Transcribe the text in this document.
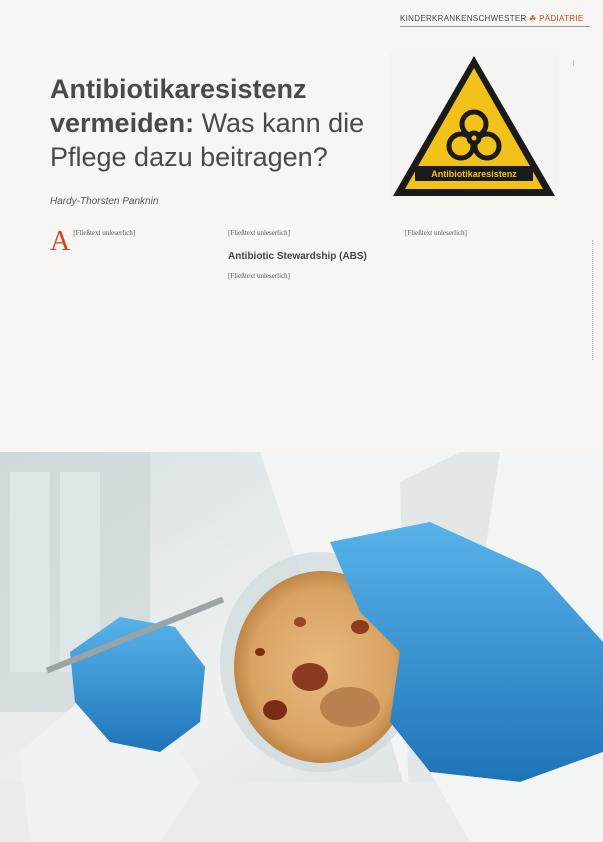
KINDERKRANKENSCHWESTER ☘ PÄDIATRIE
Antibiotikaresistenz vermeiden: Was kann die Pflege dazu beitragen?
Hardy-Thorsten Panknin
Antibiotikaresistenz
—
A [Fließtext unleserlich]	[Fließtext unleserlich]

Antibiotic Stewardship (ABS)

[Fließtext unleserlich]

[Fließtext unleserlich]
